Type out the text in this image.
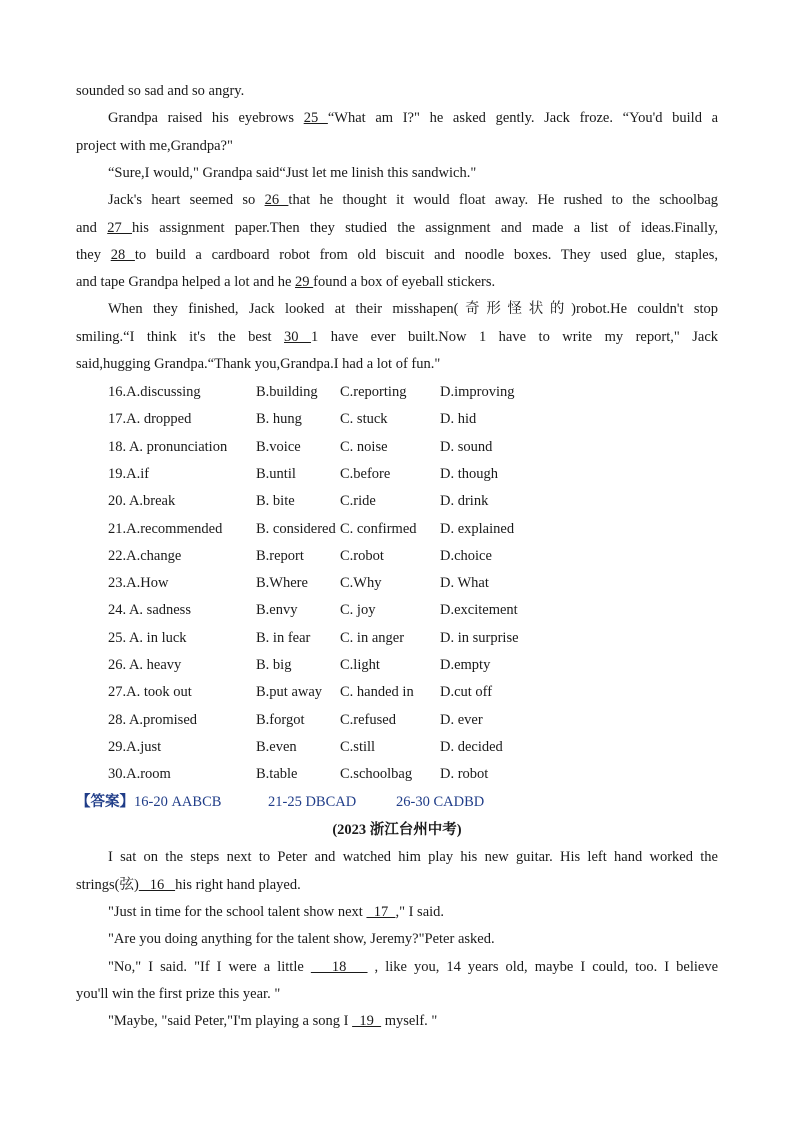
sounded so sad and so angry.
Grandpa raised his eyebrows 25 “What am I?" he asked gently. Jack froze. “You'd build a
project with me,Grandpa?"
“Sure,I would," Grandpa said“Just let me linish this sandwich."
Jack's heart seemed so 26 that he thought it would float away. He rushed to the schoolbag
and 27 his assignment paper.Then they studied the assignment and made a list of ideas.Finally,
they 28 to build a cardboard robot from old biscuit and noodle boxes. They used glue, staples,
and tape Grandpa helped a lot and he 29 found a box of eyeball stickers.
When they finished, Jack looked at their misshapen(奇形怪状的)robot.He couldn't stop
smiling.“I think it's the best 30 1 have ever built.Now 1 have to write my report," Jack
said,hugging Grandpa.“Thank you,Grandpa.I had a lot of fun."
16.A.discussing	B.building C.reporting D.improving
17.A. dropped	B. hung	C. stuck	D. hid
18. A. pronunciation B.voice	C. noise	D. sound
19.A.if	B.until	C.before	D. though
20. A.break	B. bite	C.ride	D. drink
21.A.recommended B. considered C. confirmed D. explained
22.A.change	B.report C.robot	D.choice
23.A.How	B.Where C.Why	D. What
24. A. sadness	B.envy	C. joy	D.excitement
25. A. in luck	B. in fear C. in anger D. in surprise
26. A. heavy	B. big	C.light	D.empty
27.A. took out	B.put away C. handed in D.cut off
28. A.promised	B.forgot C.refused	D. ever
29.A.just	B.even	C.still	D. decided
30.A.room	B.table	C.schoolbag D. robot
【答案】16-20 AABCB	21-25 DBCAD	26-30 CADBD
(2023 浙江台州中考)
I sat on the steps next to Peter and watched him play his new guitar. His left hand worked the
strings(弦)   16   his right hand played.
"Just in time for the school talent show next   17  ," I said.
"Are you doing anything for the talent show, Jeremy?"Peter asked.
"No," I said. "If I were a little    18    , like you, 14 years old, maybe I could, too. I believe
you'll win the first prize this year. "
"Maybe, "said Peter,"I'm playing a song I   19   myself. "
